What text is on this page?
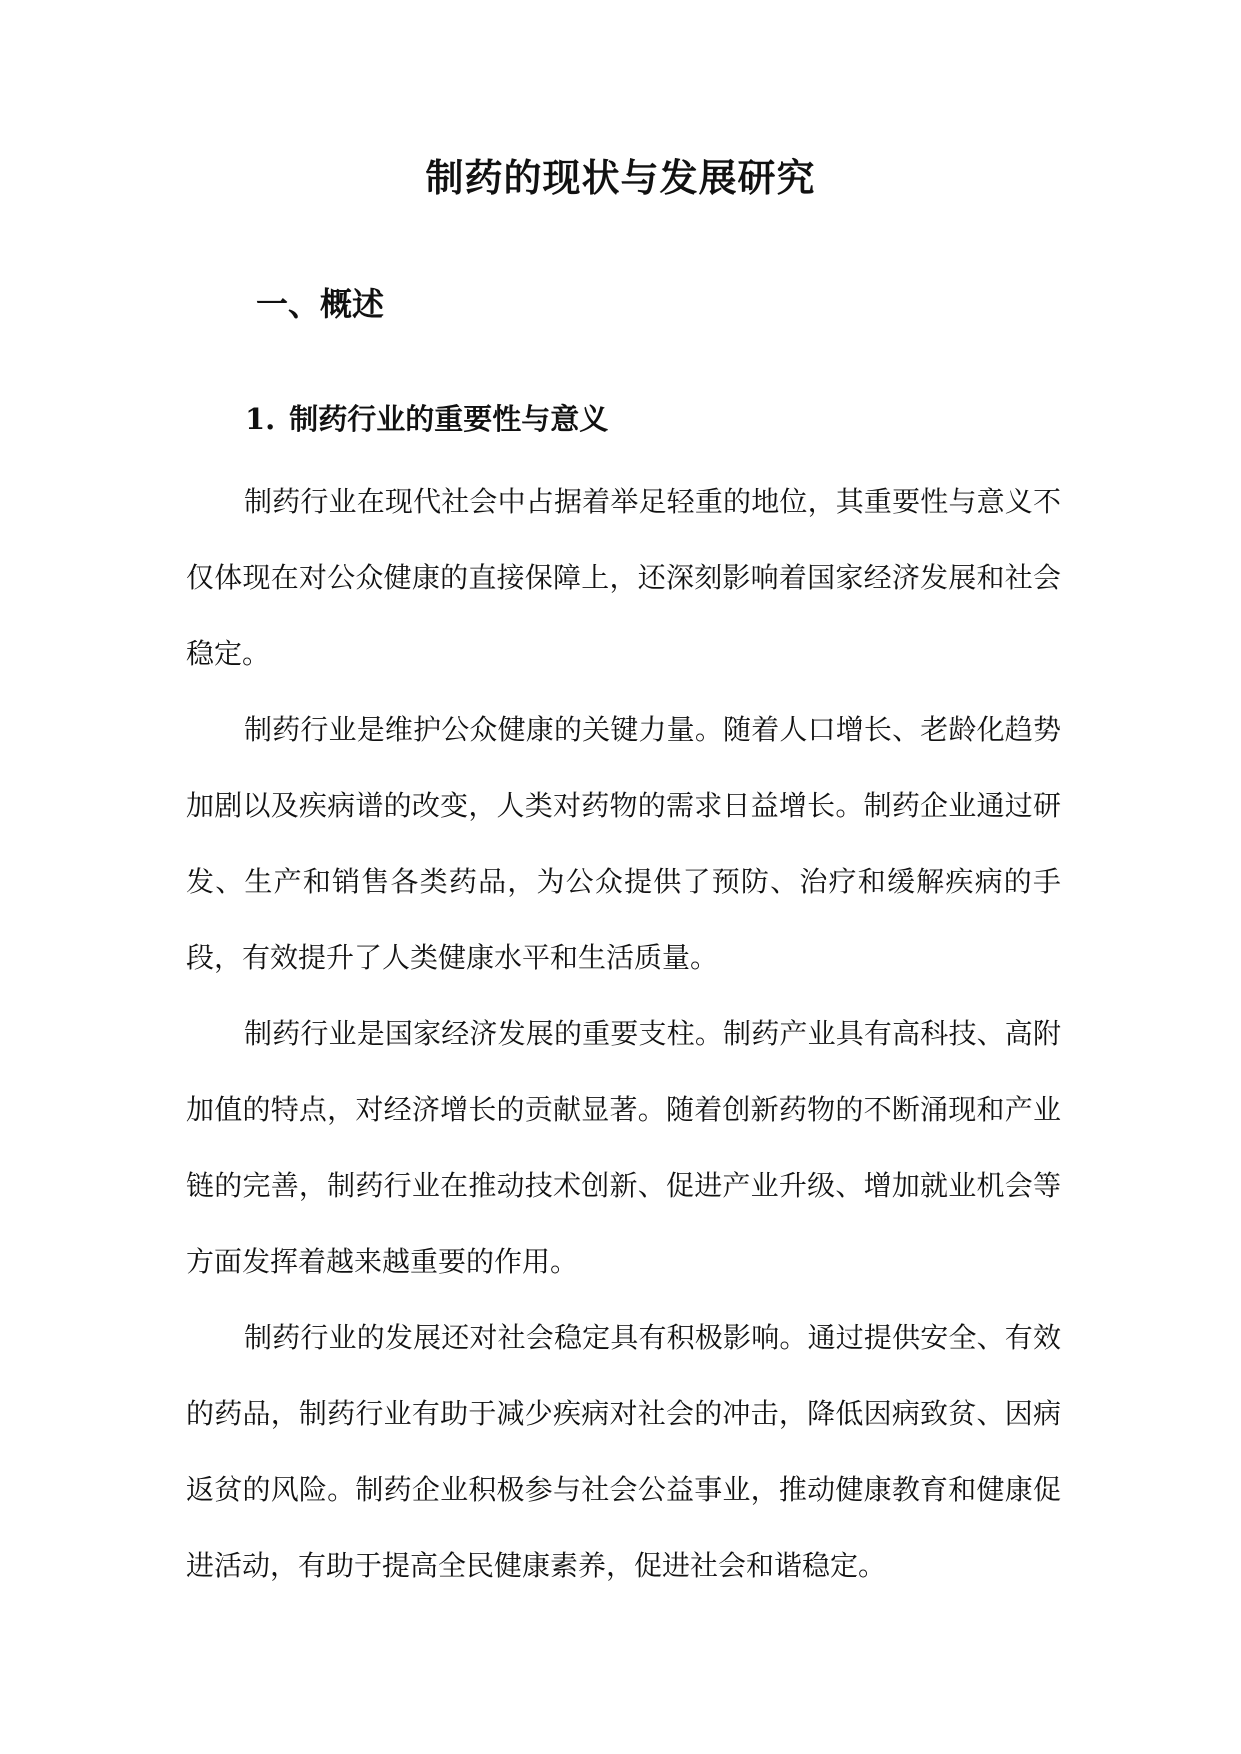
制药的现状与发展研究
一、概述
1. 制药行业的重要性与意义

制药行业在现代社会中占据着举足轻重的地位，其重要性与意义不仅体现在对公众健康的直接保障上，还深刻影响着国家经济发展和社会稳定。

制药行业是维护公众健康的关键力量。随着人口增长、老龄化趋势加剧以及疾病谱的改变，人类对药物的需求日益增长。制药企业通过研发、生产和销售各类药品，为公众提供了预防、治疗和缓解疾病的手段，有效提升了人类健康水平和生活质量。

制药行业是国家经济发展的重要支柱。制药产业具有高科技、高附加值的特点，对经济增长的贡献显著。随着创新药物的不断涌现和产业链的完善，制药行业在推动技术创新、促进产业升级、增加就业机会等方面发挥着越来越重要的作用。

制药行业的发展还对社会稳定具有积极影响。通过提供安全、有效的药品，制药行业有助于减少疾病对社会的冲击，降低因病致贫、因病返贫的风险。制药企业积极参与社会公益事业，推动健康教育和健康促进活动，有助于提高全民健康素养，促进社会和谐稳定。
